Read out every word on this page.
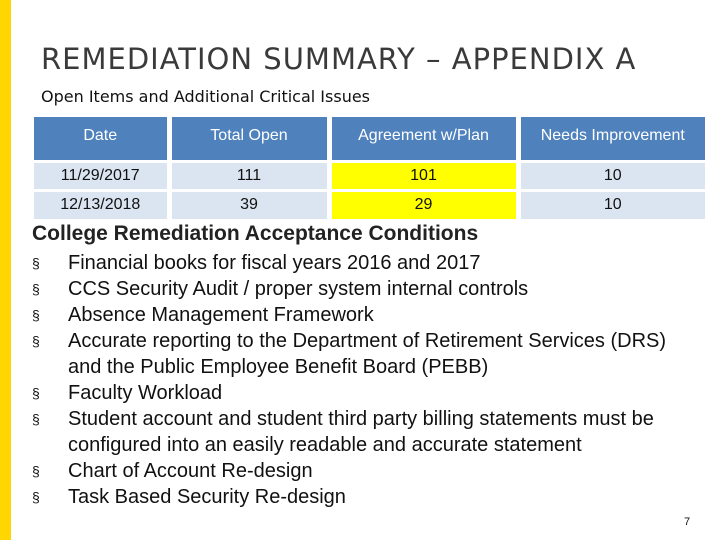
REMEDIATION SUMMARY – APPENDIX A
Open Items and Additional Critical Issues
Date	Total Open	Agreement w/Plan	Needs Improvement
11/29/2017	111	101	10
12/13/2018	39	29	10
College Remediation Acceptance Conditions
§	Financial books for fiscal years 2016 and 2017
§	CCS Security Audit / proper system internal controls
§	Absence Management Framework
§	Accurate reporting to the Department of Retirement Services (DRS) and the Public Employee Benefit Board (PEBB)
§	Faculty Workload
§	Student account and student third party billing statements must be configured into an easily readable and accurate statement
§	Chart of Account Re-design
§	Task Based Security Re-design
7
